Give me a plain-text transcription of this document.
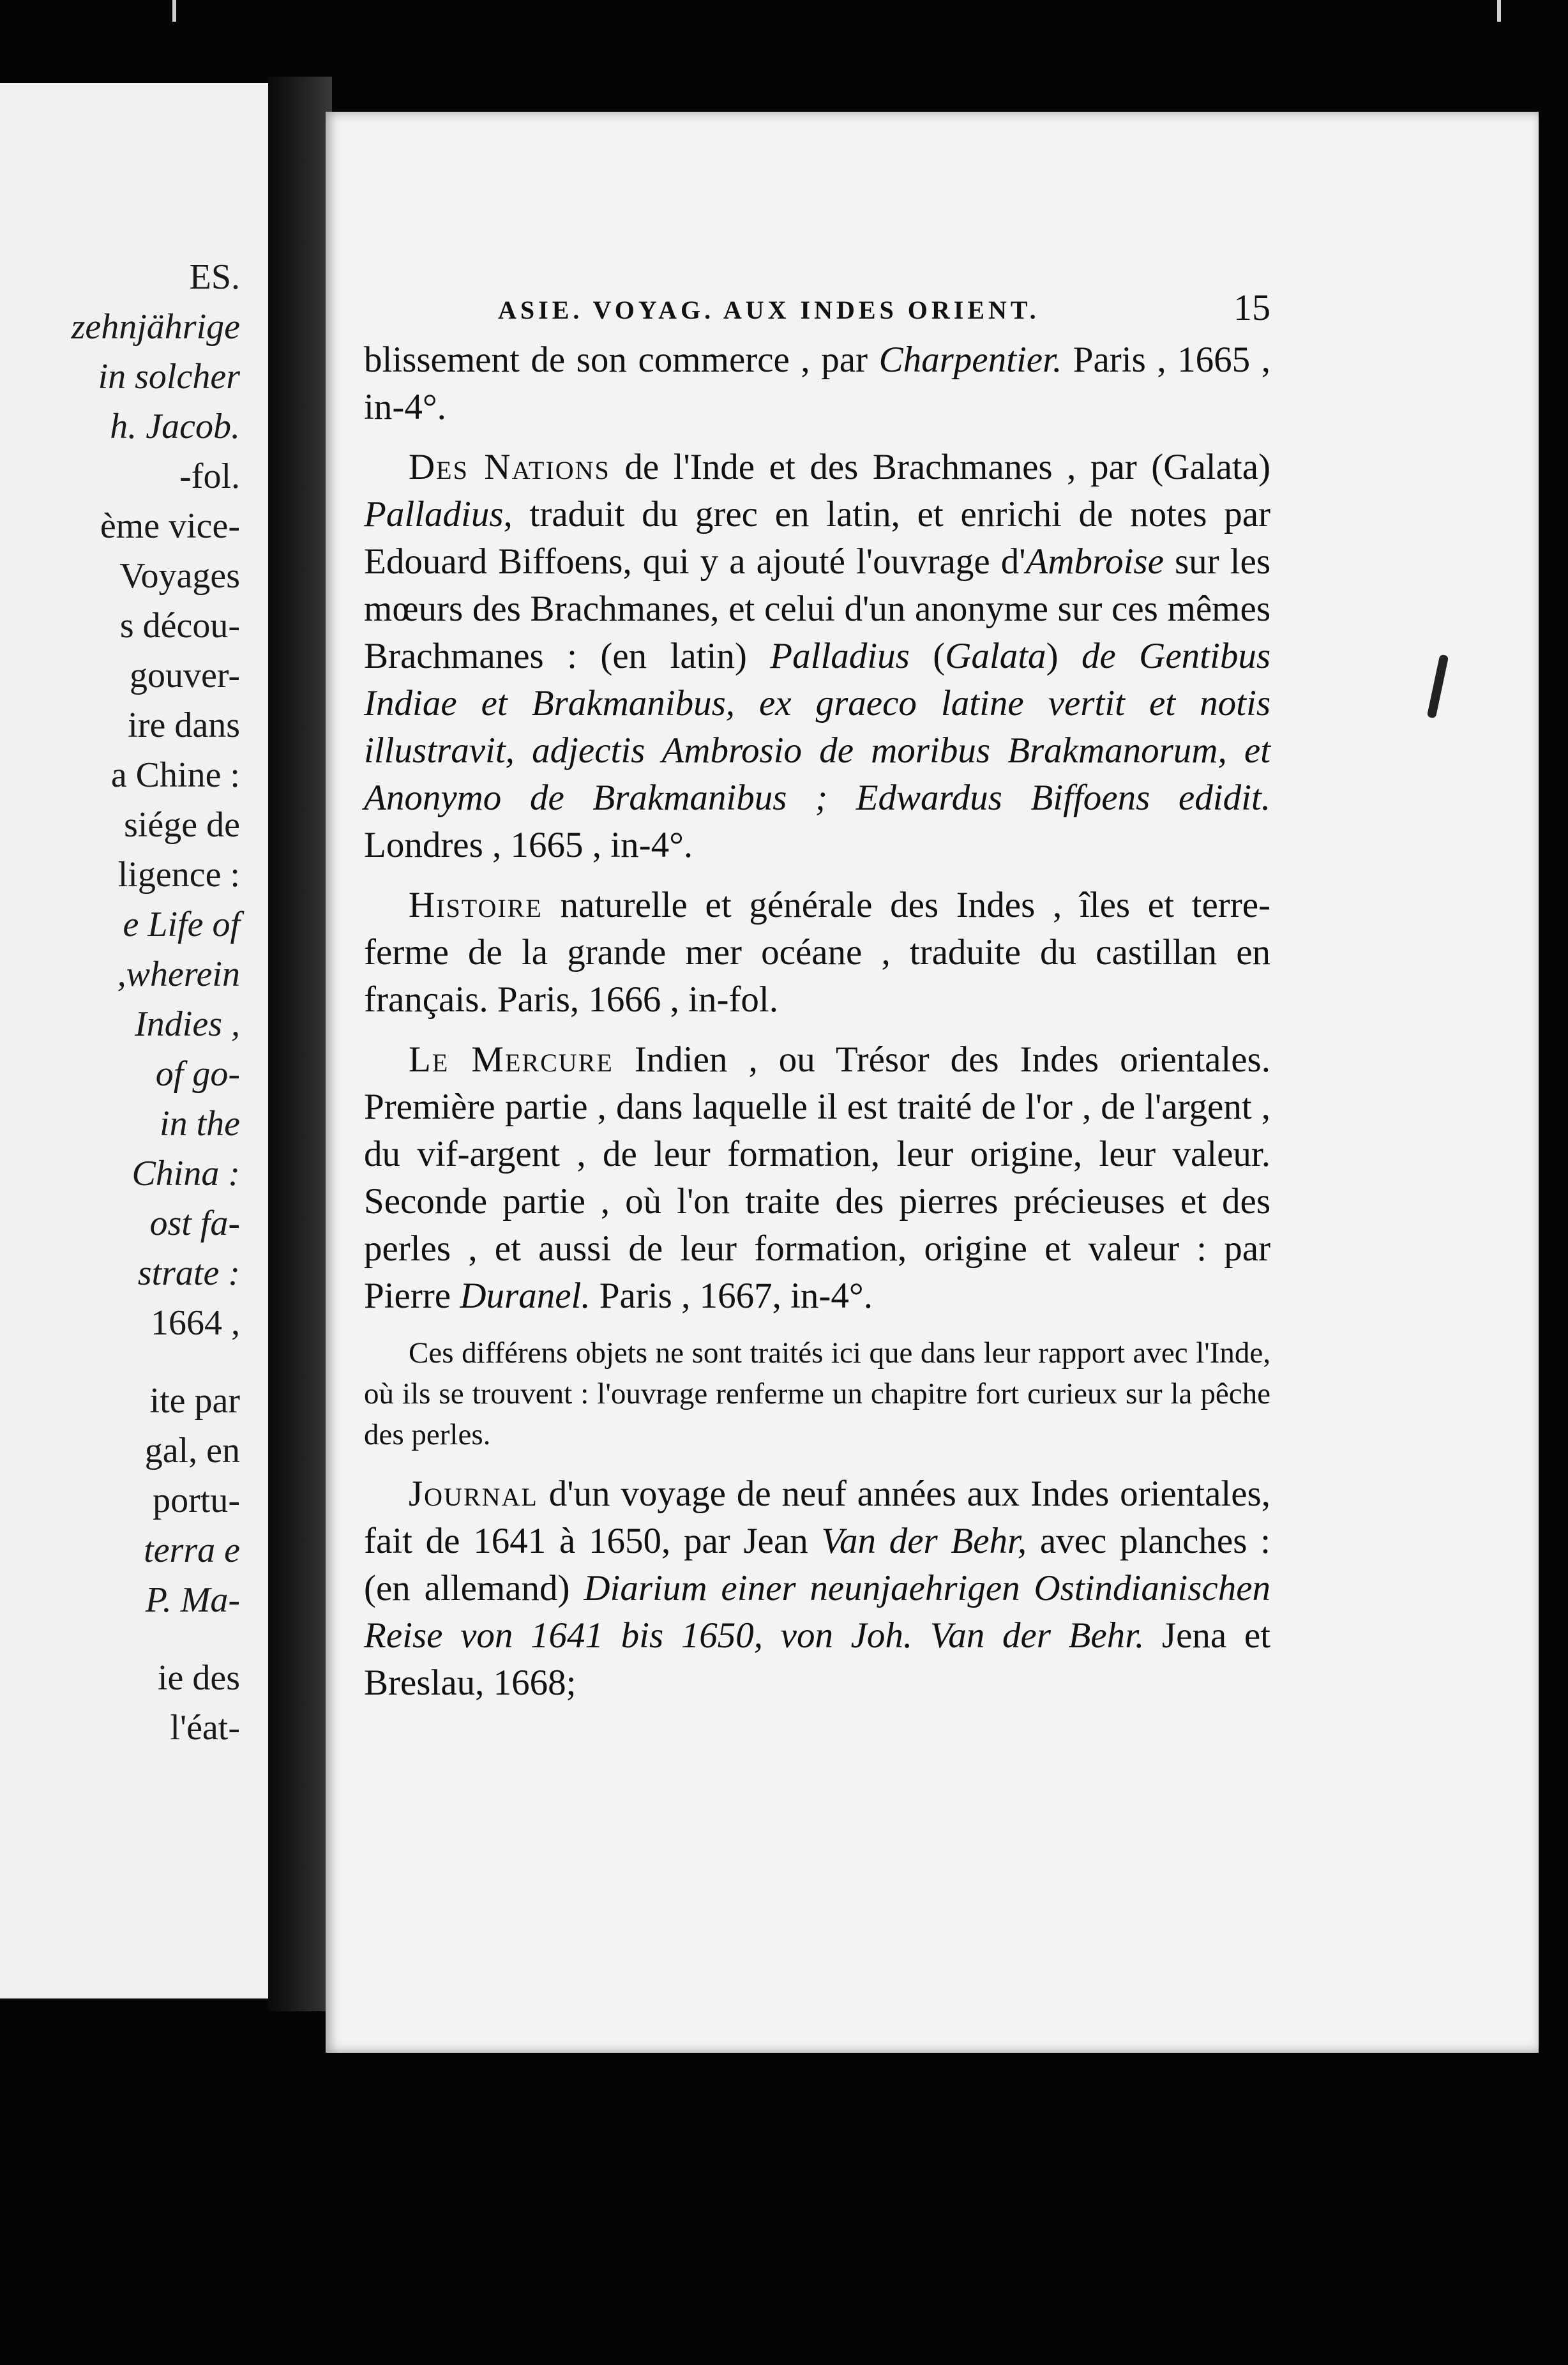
ES.
zehnjährige
in solcher
h. Jacob.
-fol.
ème vice-
Voyages
s décou-
gouver-
ire dans
a Chine :
siége de
ligence :
e Life of
,wherein
Indies ,
of go-
in the
China :
ost fa-
strate :
1664 ,
ite par
gal, en
portu-
terra e
P. Ma-
ie des
l'éat-
ASIE. VOYAG. AUX INDES ORIENT.	15

blissement de son commerce , par Charpentier. Paris , 1665 , in-4°.

Des Nations de l'Inde et des Brachmanes , par (Galata) Palladius, traduit du grec en latin, et enrichi de notes par Edouard Biffoens, qui y a ajouté l'ouvrage d'Ambroise sur les mœurs des Brachmanes, et celui d'un anonyme sur ces mêmes Brachmanes : (en latin) Palladius (Galata) de Gentibus Indiae et Brakmanibus, ex graeco latine vertit et notis illustravit, adjectis Ambrosio de moribus Brakmanorum, et Anonymo de Brakmanibus ; Edwardus Biffoens edidit. Londres , 1665 , in-4°.

Histoire naturelle et générale des Indes , îles et terre-ferme de la grande mer océane , traduite du castillan en français. Paris, 1666 , in-fol.

Le Mercure Indien , ou Trésor des Indes orientales. Première partie , dans laquelle il est traité de l'or , de l'argent , du vif-argent , de leur formation, leur origine, leur valeur. Seconde partie , où l'on traite des pierres précieuses et des perles , et aussi de leur formation, origine et valeur : par Pierre Duranel. Paris , 1667, in-4°.

Ces différens objets ne sont traités ici que dans leur rapport avec l'Inde, où ils se trouvent : l'ouvrage renferme un chapitre fort curieux sur la pêche des perles.

Journal d'un voyage de neuf années aux Indes orientales, fait de 1641 à 1650, par Jean Van der Behr, avec planches : (en allemand) Diarium einer neunjaehrigen Ostindianischen Reise von 1641 bis 1650, von Joh. Van der Behr. Jena et Breslau, 1668;
